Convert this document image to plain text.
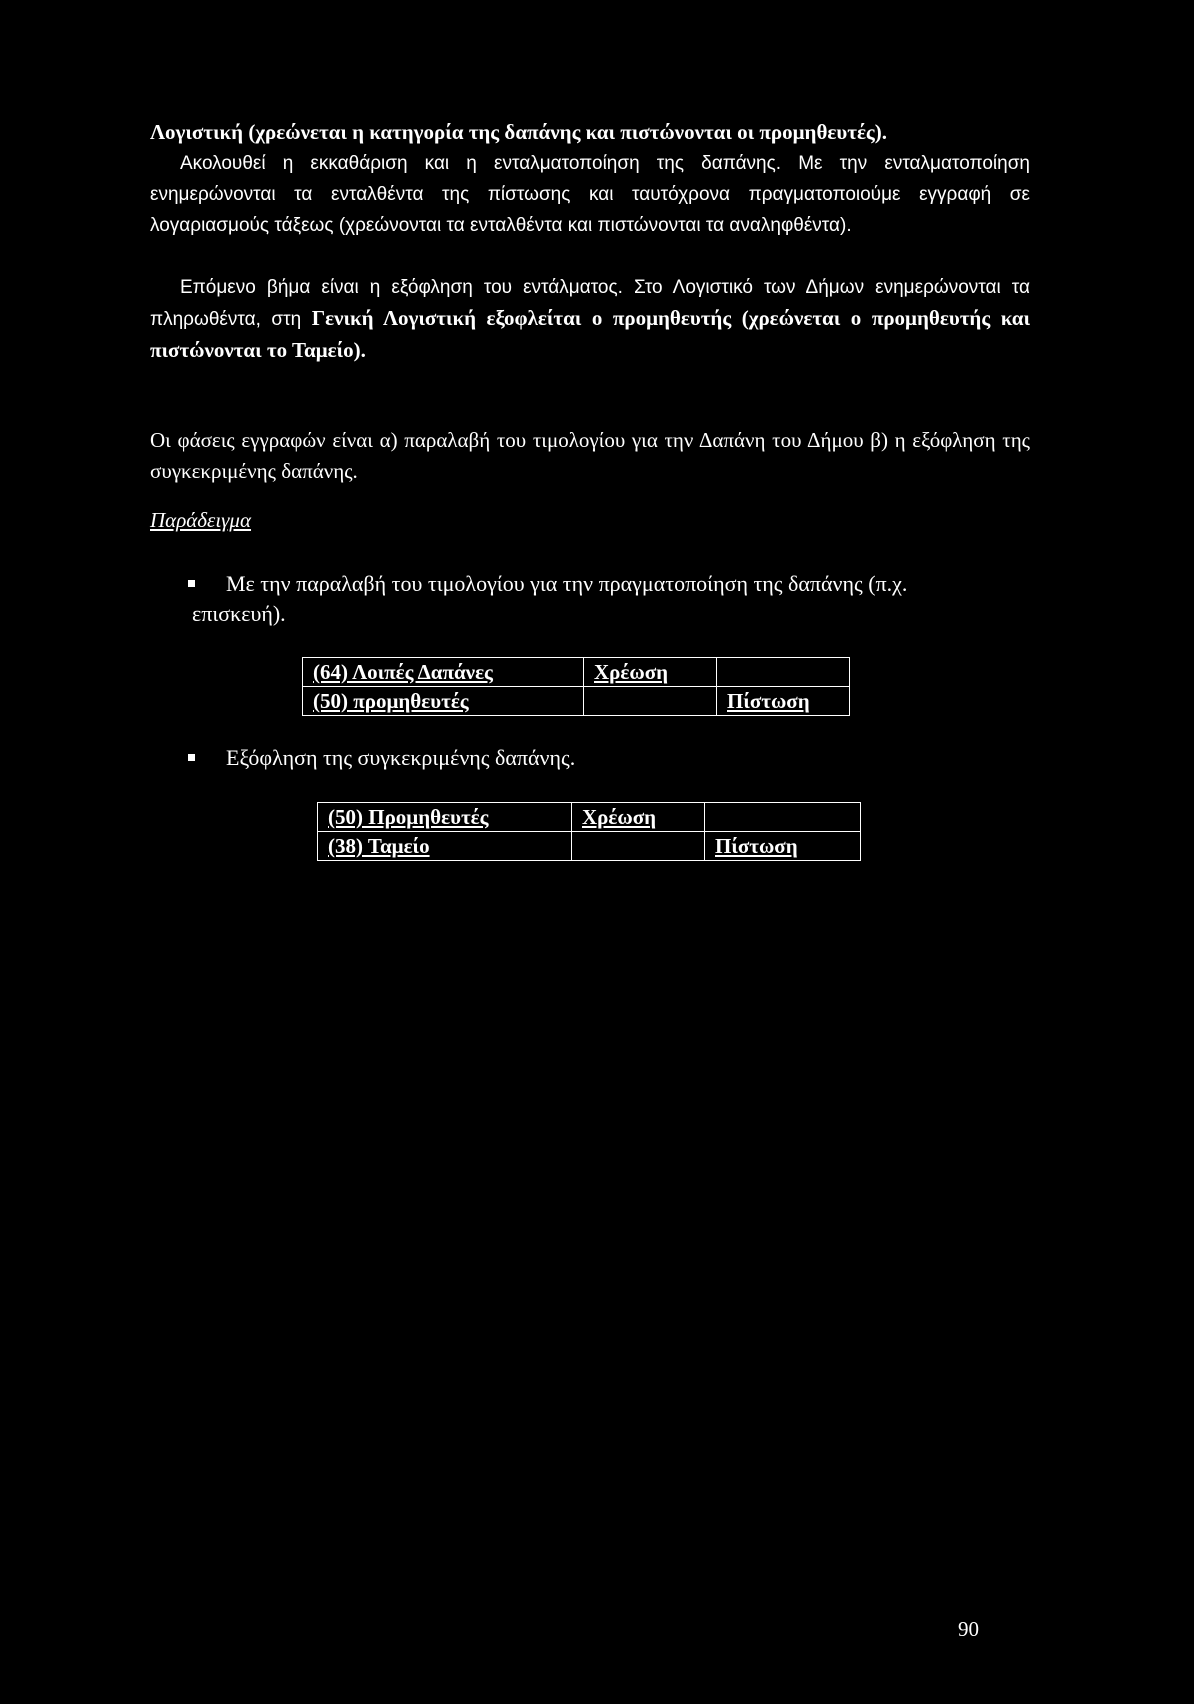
Λογιστική (χρεώνεται η κατηγορία της δαπάνης και πιστώνονται οι προμηθευτές).
Ακολουθεί η εκκαθάριση και η ενταλματοποίηση της δαπάνης. Με την ενταλματοποίηση ενημερώνονται τα ενταλθέντα της πίστωσης και ταυτόχρονα πραγματοποιούμε εγγραφή σε λογαριασμούς τάξεως (χρεώνονται τα ενταλθέντα και πιστώνονται τα αναληφθέντα).
Επόμενο βήμα είναι η εξόφληση του εντάλματος. Στο Λογιστικό των Δήμων ενημερώνονται τα πληρωθέντα, στη Γενική Λογιστική εξοφλείται ο προμηθευτής (χρεώνεται ο προμηθευτής και πιστώνονται το Ταμείο).
Οι φάσεις εγγραφών είναι α) παραλαβή του τιμολογίου για την Δαπάνη του Δήμου β) η εξόφληση της συγκεκριμένης δαπάνης.
Παράδειγμα
Με την παραλαβή του τιμολογίου για την πραγματοποίηση της δαπάνης (π.χ. επισκευή).
(64) Λοιπές Δαπάνες	Χρέωση	
(50) προμηθευτές		Πίστωση
Εξόφληση της συγκεκριμένης δαπάνης.
(50) Προμηθευτές	Χρέωση	
(38) Ταμείο		Πίστωση
90
